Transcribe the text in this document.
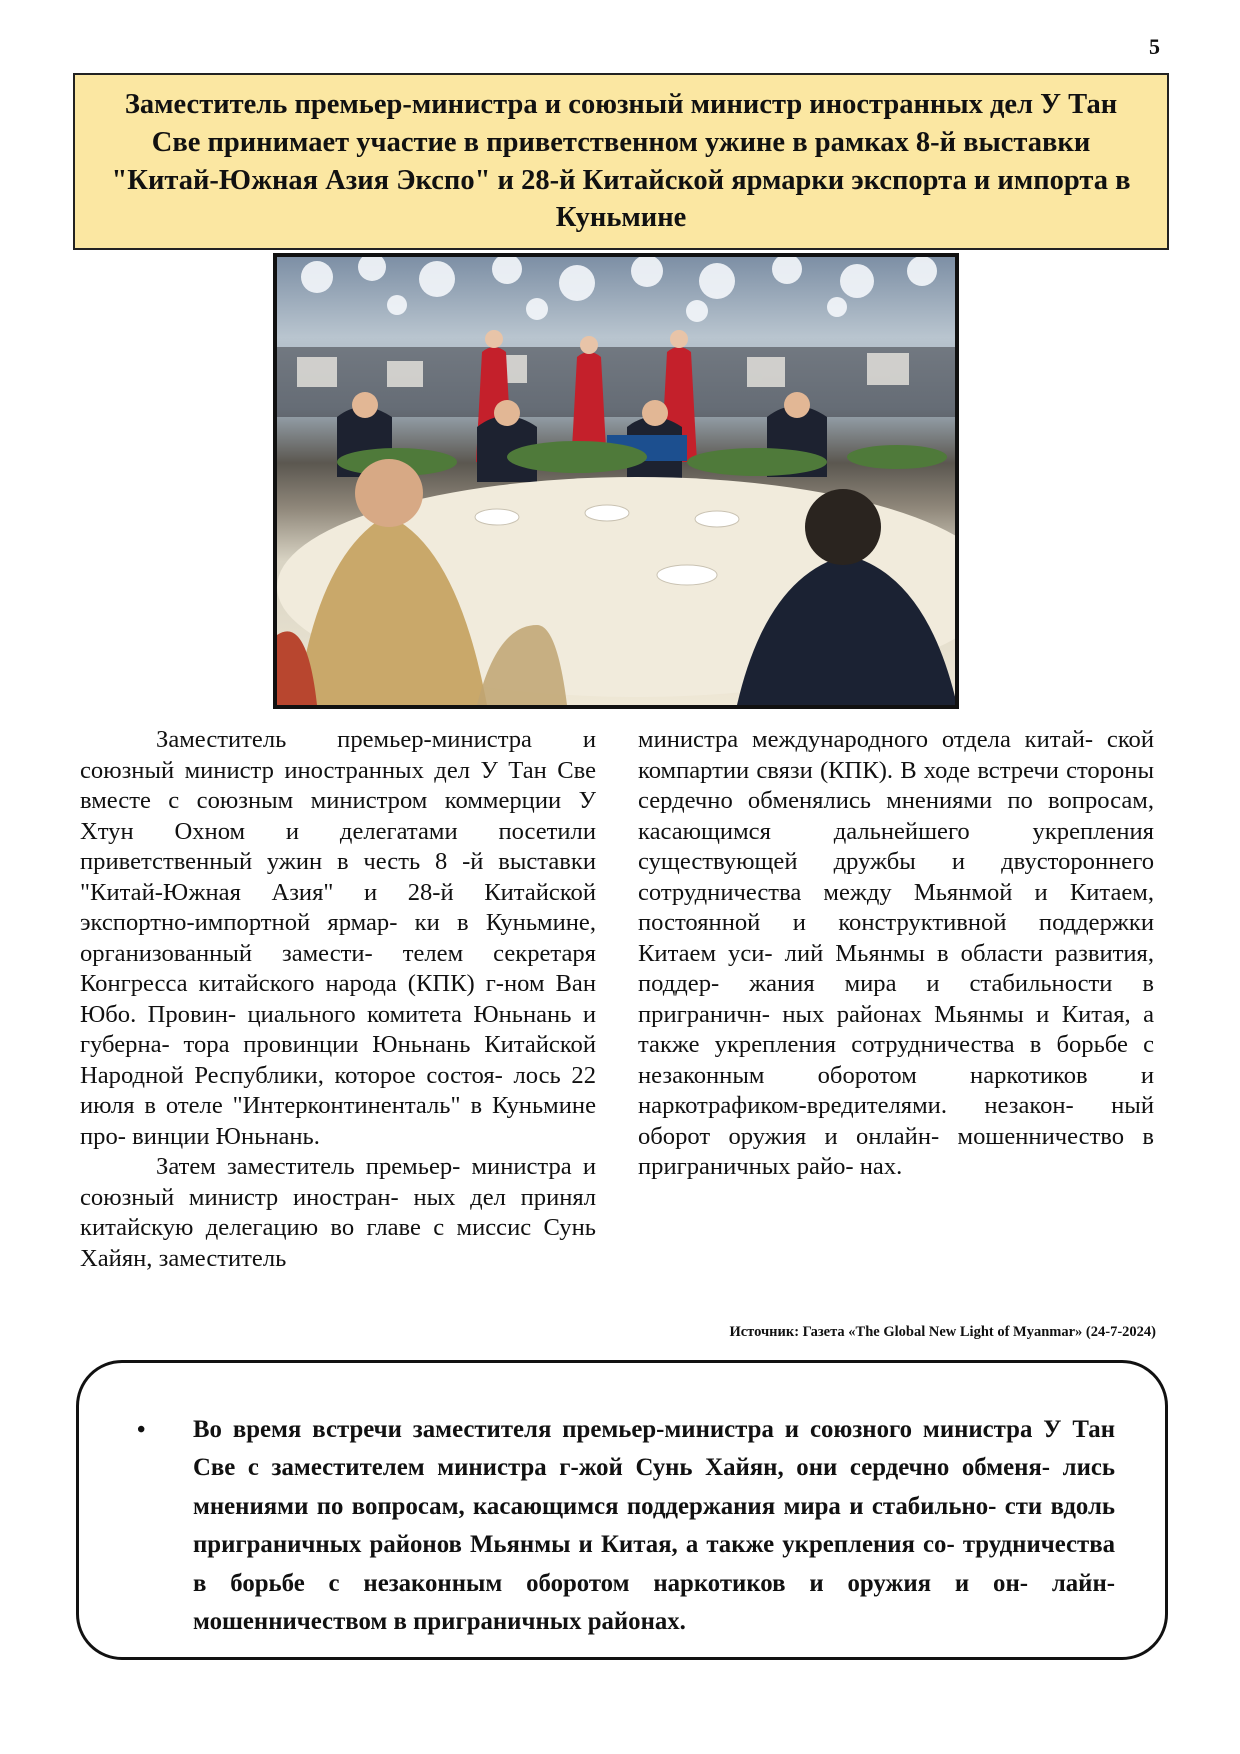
5
Заместитель премьер-министра и союзный министр иностранных дел У Тан Све принимает участие в приветственном ужине в рамках 8-й выставки "Китай-Южная Азия Экспо" и 28-й Китайской ярмарки экспорта и импорта в Куньмине

Заместитель премьер-министра и союзный министр иностранных дел У Тан Све вместе с союзным министром коммерции У Хтун Охном и делегатами посетили приветственный ужин в честь 8 -й выставки "Китай-Южная Азия" и 28-й Китайской экспортно-импортной ярмар- ки в Куньмине, организованный замести- телем секретаря Конгресса китайского народа (КПК) г-ном Ван Юбо. Провин- циального комитета Юньнань и губерна- тора провинции Юньнань Китайской Народной Республики, которое состоя- лось 22 июля в отеле "Интерконтиненталь" в Куньмине про- винции Юньнань.

Затем заместитель премьер- министра и союзный министр иностран- ных дел принял китайскую делегацию во главе с миссис Сунь Хайян, заместитель

министра международного отдела китай- ской компартии связи (КПК). В ходе встречи стороны сердечно обменялись мнениями по вопросам, касающимся дальнейшего укрепления существующей дружбы и двустороннего сотрудничества между Мьянмой и Китаем, постоянной и конструктивной поддержки Китаем уси- лий Мьянмы в области развития, поддер- жания мира и стабильности в приграничн- ных районах Мьянмы и Китая, а также укрепления сотрудничества в борьбе с незаконным оборотом наркотиков и наркотрафиком-вредителями. незакон- ный оборот оружия и онлайн- мошенничество в приграничных райо- нах.

Источник: Газета «The Global New Light of Myanmar» (24-7-2024)
• Во время встречи заместителя премьер-министра и союзного министра У Тан Све с заместителем министра г-жой Сунь Хайян, они сердечно обменя- лись мнениями по вопросам, касающимся поддержания мира и стабильно- сти вдоль приграничных районов Мьянмы и Китая, а также укрепления со- трудничества в борьбе с незаконным оборотом наркотиков и оружия и он- лайн-мошенничеством в приграничных районах.
